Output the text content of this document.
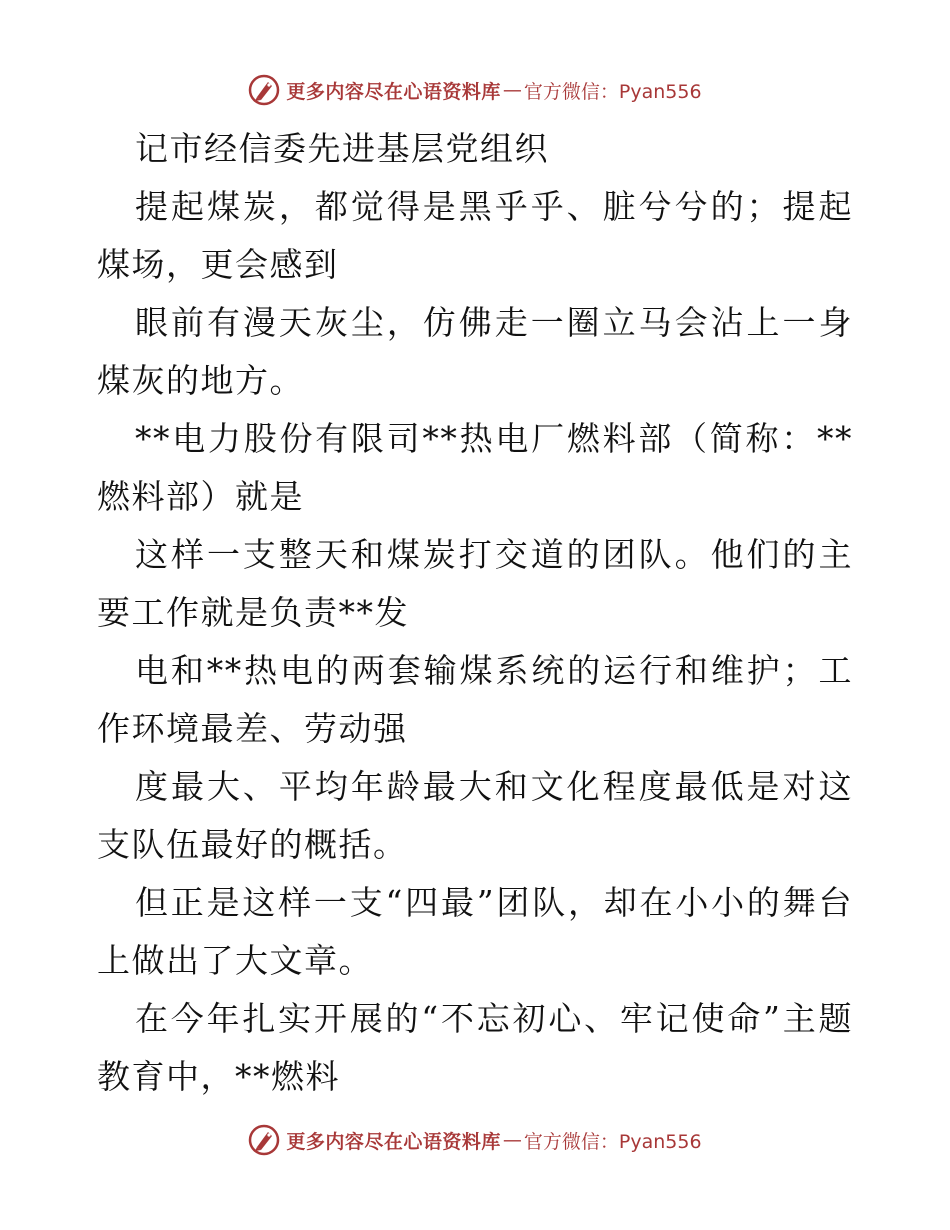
更多内容尽在心语资料库 — 官方微信：Pyan556

记市经信委先进基层党组织

提起煤炭，都觉得是黑乎乎、脏兮兮的；提起煤场，更会感到

眼前有漫天灰尘，仿佛走一圈立马会沾上一身煤灰的地方。

**电力股份有限司**热电厂燃料部（简称：**燃料部）就是

这样一支整天和煤炭打交道的团队。他们的主要工作就是负责**发

电和**热电的两套输煤系统的运行和维护；工作环境最差、劳动强

度最大、平均年龄最大和文化程度最低是对这支队伍最好的概括。

但正是这样一支“四最”团队，却在小小的舞台上做出了大文章。

在今年扎实开展的“不忘初心、牢记使命”主题教育中，**燃料

更多内容尽在心语资料库 — 官方微信：Pyan556
